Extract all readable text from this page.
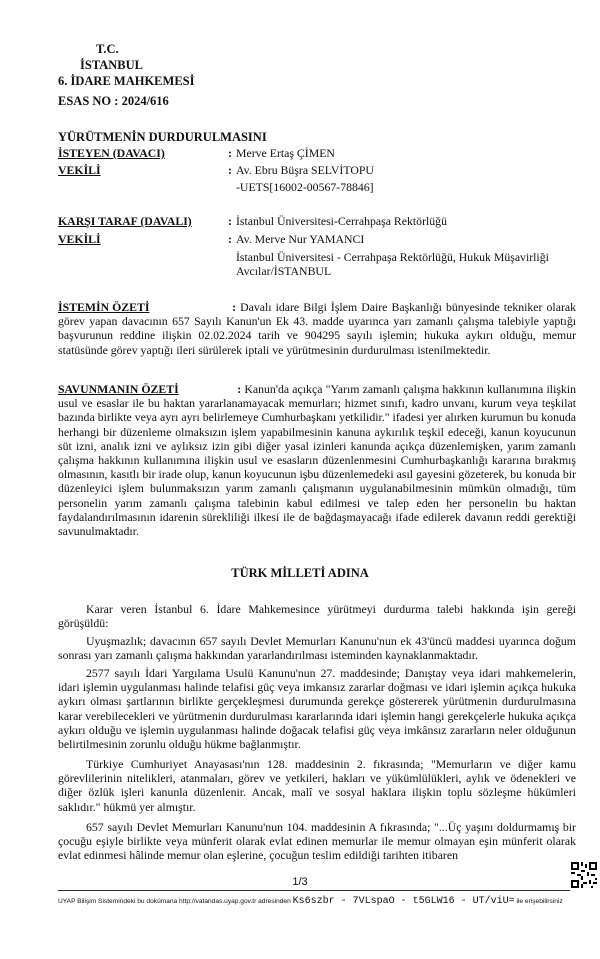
T.C.
İSTANBUL
6. İDARE MAHKEMESİ
ESAS NO : 2024/616
YÜRÜTMENİN DURDURULMASINI
İSTEYEN (DAVACI)	: Merve Ertaş ÇİMEN
VEKİLİ	: Av. Ebru Büşra SELVİTOPU
-UETS[16002-00567-78846]
KARŞI TARAF (DAVALI)	: İstanbul Üniversitesi-Cerrahpaşa Rektörlüğü
VEKİLİ	: Av. Merve Nur YAMANCI
İstanbul Üniversitesi - Cerrahpaşa Rektörlüğü, Hukuk Müşavirliği
Avcılar/İSTANBUL
İSTEMİN ÖZETİ	: Davalı idare Bilgi İşlem Daire Başkanlığı bünyesinde tekniker olarak görev yapan davacının 657 Sayılı Kanun'un Ek 43. madde uyarınca yarı zamanlı çalışma talebiyle yaptığı başvurunun reddine ilişkin 02.02.2024 tarih ve 904295 sayılı işlemin; hukuka aykırı olduğu, memur statüsünde görev yaptığı ileri sürülerek iptali ve yürütmesinin durdurulması istenilmektedir.
SAVUNMANIN ÖZETİ	: Kanun'da açıkça "Yarım zamanlı çalışma hakkının kullanımına ilişkin usul ve esaslar ile bu haktan yararlanamayacak memurları; hizmet sınıfı, kadro unvanı, kurum veya teşkilat bazında birlikte veya ayrı ayrı belirlemeye Cumhurbaşkanı yetkilidir." ifadesi yer alırken kurumun bu konuda herhangi bir düzenleme olmaksızın işlem yapabilmesinin kanuna aykırılık teşkil edeceği, kanun koyucunun süt izni, analık izni ve aylıksız izin gibi diğer yasal izinleri kanunda açıkça düzenlemişken, yarım zamanlı çalışma hakkının kullanımına ilişkin usul ve esasların düzenlenmesini Cumhurbaşkanlığı kararına bırakmış olmasının, kasıtlı bir irade olup, kanun koyucunun işbu düzenlemedeki asıl gayesini gözeterek, bu konuda bir düzenleyici işlem bulunmaksızın yarım zamanlı çalışmanın uygulanabilmesinin mümkün olmadığı, tüm personelin yarım zamanlı çalışma talebinin kabul edilmesi ve talep eden her personelin bu haktan faydalandırılmasının idarenin sürekliliği ilkesi ile de bağdaşmayacağı ifade edilerek davanın reddi gerektiği savunulmaktadır.
TÜRK MİLLETİ ADINA
Karar veren İstanbul 6. İdare Mahkemesince yürütmeyi durdurma talebi hakkında işin gereği görüşüldü:
Uyuşmazlık; davacının 657 sayılı Devlet Memurları Kanunu'nun ek 43'üncü maddesi uyarınca doğum sonrası yarı zamanlı çalışma hakkından yararlandırılması isteminden kaynaklanmaktadır.
2577 sayılı İdari Yargılama Usulü Kanunu'nun 27. maddesinde; Danıştay veya idari mahkemelerin, idari işlemin uygulanması halinde telafisi güç veya imkansız zararlar doğması ve idari işlemin açıkça hukuka aykırı olması şartlarının birlikte gerçekleşmesi durumunda gerekçe göstererek yürütmenin durdurulmasına karar verebilecekleri ve yürütmenin durdurulması kararlarında idari işlemin hangi gerekçelerle hukuka açıkça aykırı olduğu ve işlemin uygulanması halinde doğacak telafisi güç veya imkânsız zararların neler olduğunun belirtilmesinin zorunlu olduğu hükme bağlanmıştır.
Türkiye Cumhuriyet Anayasası'nın 128. maddesinin 2. fıkrasında; "Memurların ve diğer kamu görevlilerinin nitelikleri, atanmaları, görev ve yetkileri, hakları ve yükümlülükleri, aylık ve ödenekleri ve diğer özlük işleri kanunla düzenlenir. Ancak, malî ve sosyal haklara ilişkin toplu sözleşme hükümleri saklıdır." hükmü yer almıştır.
657 sayılı Devlet Memurları Kanunu'nun 104. maddesinin A fıkrasında; "...Üç yaşını doldurmamış bir çocuğu eşiyle birlikte veya münferit olarak evlat edinen memurlar ile memur olmayan eşin münferit olarak evlat edinmesi hâlinde memur olan eşlerine, çocuğun teslim edildiği tarihten itibaren
1/3
UYAP Bilişim Sistemindeki bu dokümana http://vatandas.uyap.gov.tr adresinden Ks6szbr - 7VLspaO - t5GLW16 - UT/viU= ile erişebilirsiniz
